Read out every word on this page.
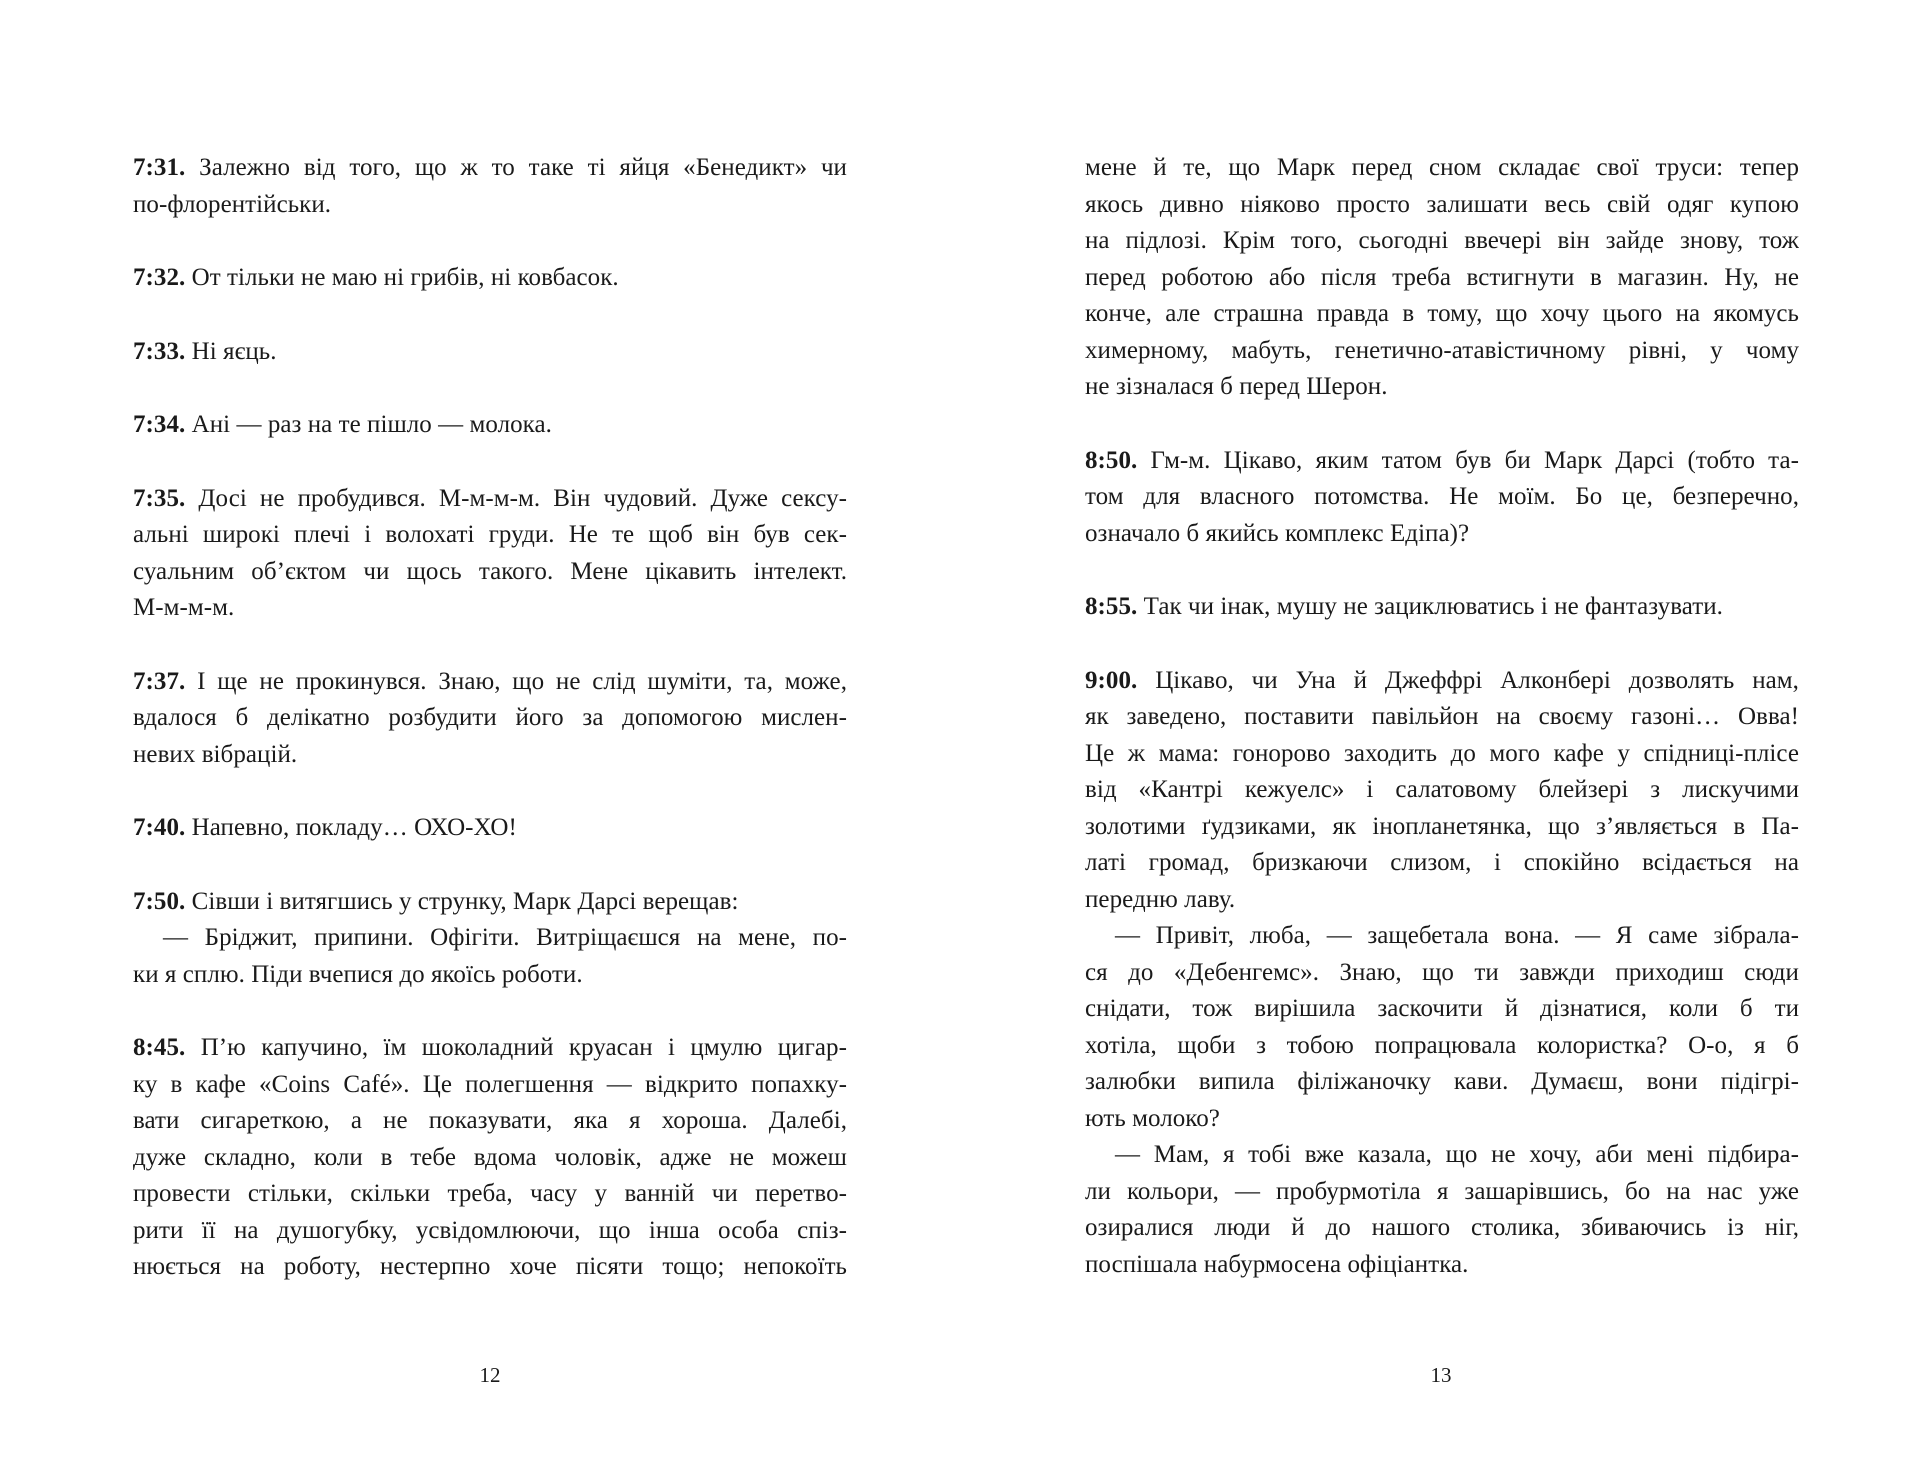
7:31. Залежно від того, що ж то таке ті яйця «Бенедикт» чи
по-флорентійськи.
7:32. От тільки не маю ні грибів, ні ковбасок.
7:33. Ні яєць.
7:34. Ані — раз на те пішло — молока.
7:35. Досі не пробудився. М-м-м-м. Він чудовий. Дуже сексу-
альні широкі плечі і волохаті груди. Не те щоб він був сек-
суальним об’єктом чи щось такого. Мене цікавить інтелект.
М-м-м-м.
7:37. І ще не прокинувся. Знаю, що не слід шуміти, та, може,
вдалося б делікатно розбудити його за допомогою мислен-
невих вібрацій.
7:40. Напевно, покладу… ОХО-ХО!
7:50. Сівши і витягшись у струнку, Марк Дарсі верещав:
— Бріджит, припини. Офігіти. Витріщаєшся на мене, по-
ки я сплю. Піди вчепися до якоїсь роботи.
8:45. П’ю капучино, їм шоколадний круасан і цмулю цигар-
ку в кафе «Coins Café». Це полегшення — відкрито попахку-
вати сигареткою, а не показувати, яка я хороша. Далебі,
дуже складно, коли в тебе вдома чоловік, адже не можеш
провести стільки, скільки треба, часу у ванній чи перетво-
рити її на душогубку, усвідомлюючи, що інша особа спіз-
нюється на роботу, нестерпно хоче пісяти тощо; непокоїть
12
мене й те, що Марк перед сном складає свої труси: тепер
якось дивно ніяково просто залишати весь свій одяг купою
на підлозі. Крім того, сьогодні ввечері він зайде знову, тож
перед роботою або після треба встигнути в магазин. Ну, не
конче, але страшна правда в тому, що хочу цього на якомусь
химерному, мабуть, генетично-атавістичному рівні, у чому
не зізналася б перед Шерон.
8:50. Гм-м. Цікаво, яким татом був би Марк Дарсі (тобто та-
том для власного потомства. Не моїм. Бо це, безперечно,
означало б якийсь комплекс Едіпа)?
8:55. Так чи інак, мушу не зациклюватись і не фантазувати.
9:00. Цікаво, чи Уна й Джеффрі Алконбері дозволять нам,
як заведено, поставити павільйон на своєму газоні… Овва!
Це ж мама: гоноровo заходить до мого кафе у спідниці-плісе
від «Кантрі кежуелс» і салатовому блейзері з лискучими
золотими ґудзиками, як інопланетянка, що з’являється в Па-
латі громад, бризкаючи слизом, і спокійно всідається на
передню лаву.
— Привіт, люба, — защебетала вона. — Я саме зібрала-
ся до «Дебенгемс». Знаю, що ти завжди приходиш сюди
снідати, тож вирішила заскочити й дізнатися, коли б ти
хотіла, щоби з тобою попрацювала колористка? О-о, я б
залюбки випила філіжаночку кави. Думаєш, вони підігрі-
ють молоко?
— Мам, я тобі вже казала, що не хочу, аби мені підбира-
ли кольори, — пробурмотіла я зашарівшись, бо на нас уже
озиралися люди й до нашого столика, збиваючись із ніг,
поспішала набурмосена офіціантка.
13
